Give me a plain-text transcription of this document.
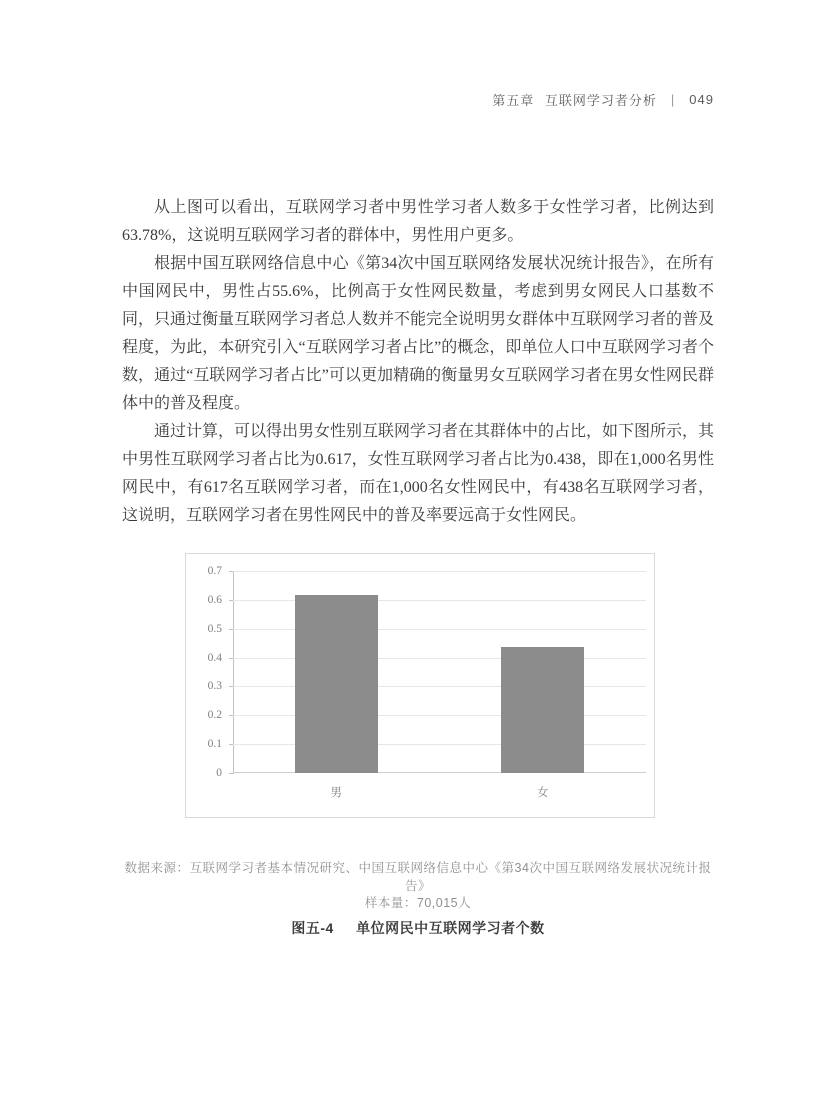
第五章 互联网学习者分析 | 049

从上图可以看出，互联网学习者中男性学习者人数多于女性学习者，比例达到63.78%，这说明互联网学习者的群体中，男性用户更多。

根据中国互联网络信息中心《第34次中国互联网络发展状况统计报告》，在所有中国网民中，男性占55.6%，比例高于女性网民数量，考虑到男女网民人口基数不同，只通过衡量互联网学习者总人数并不能完全说明男女群体中互联网学习者的普及程度，为此，本研究引入“互联网学习者占比”的概念，即单位人口中互联网学习者个数，通过“互联网学习者占比”可以更加精确的衡量男女互联网学习者在男女性网民群体中的普及程度。

通过计算，可以得出男女性别互联网学习者在其群体中的占比，如下图所示，其中男性互联网学习者占比为0.617，女性互联网学习者占比为0.438，即在1,000名男性网民中，有617名互联网学习者，而在1,000名女性网民中，有438名互联网学习者，这说明，互联网学习者在男性网民中的普及率要远高于女性网民。

0
0.1
0.2
0.3
0.4
0.5
0.6
0.7
男	女
数据来源：互联网学习者基本情况研究、中国互联网络信息中心《第34次中国互联网络发展状况统计报告》
样本量：70,015人
图五-4 单位网民中互联网学习者个数
